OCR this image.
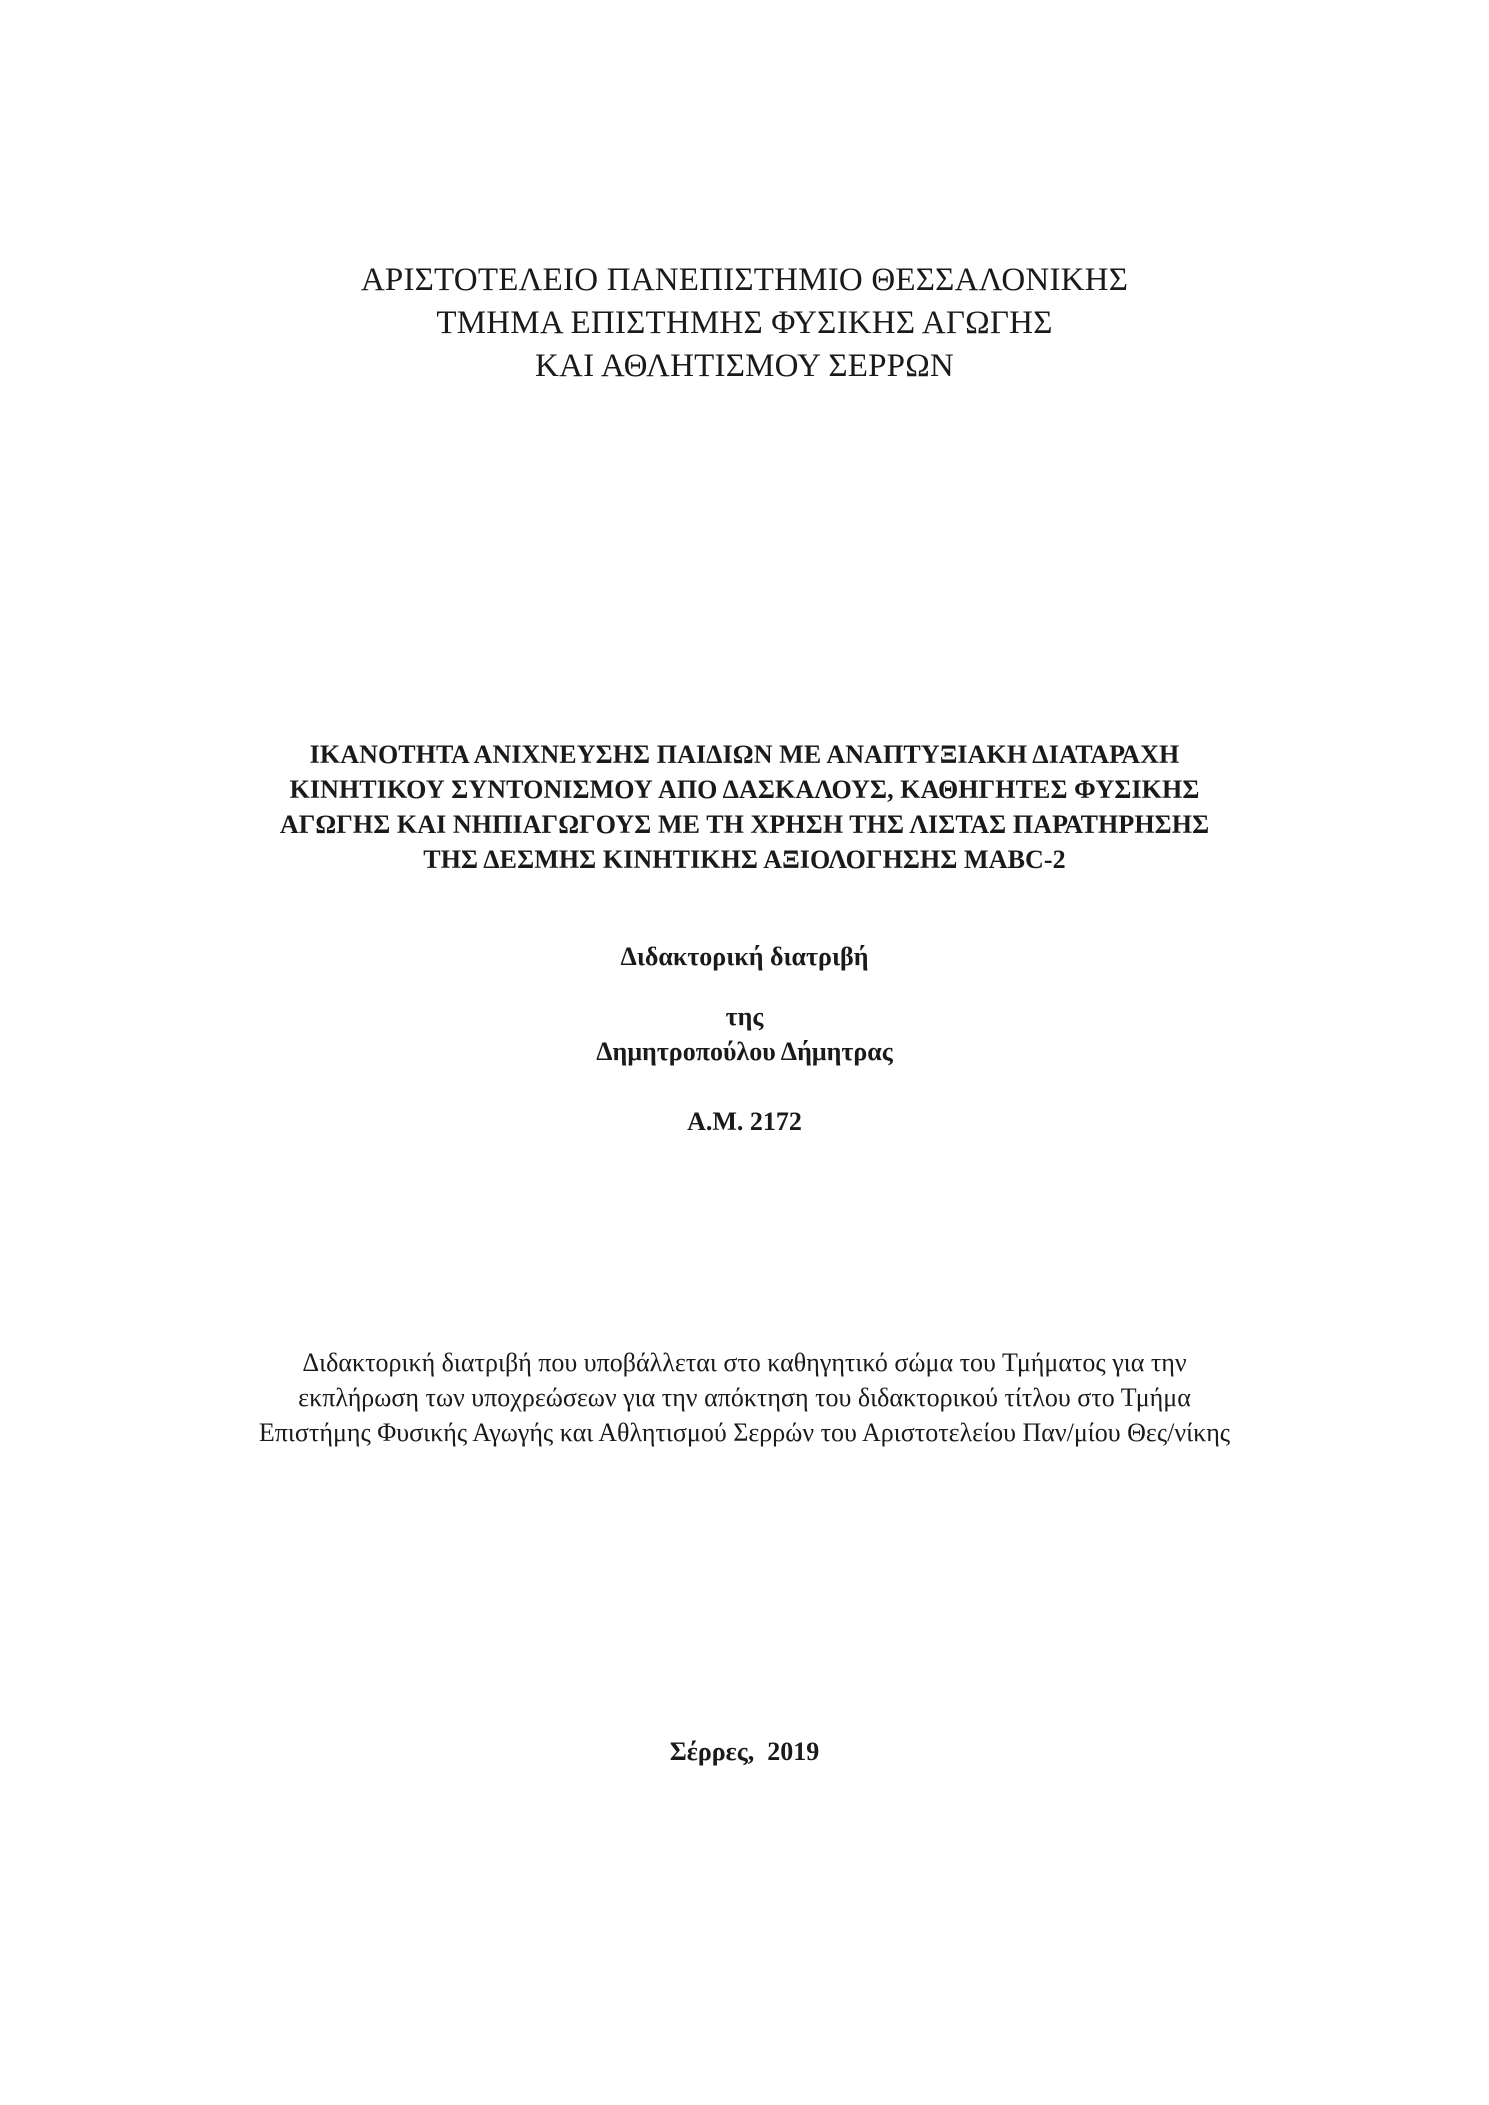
ΑΡΙΣΤΟΤΕΛΕΙΟ ΠΑΝΕΠΙΣΤΗΜΙΟ ΘΕΣΣΑΛΟΝΙΚΗΣ

ΤΜΗΜΑ ΕΠΙΣΤΗΜΗΣ ΦΥΣΙΚΗΣ ΑΓΩΓΗΣ

ΚΑΙ ΑΘΛΗΤΙΣΜΟΥ ΣΕΡΡΩΝ

ΙΚΑΝΟΤΗΤΑ ΑΝΙΧΝΕΥΣΗΣ ΠΑΙΔΙΩΝ ΜΕ ΑΝΑΠΤΥΞΙΑΚΗ ΔΙΑΤΑΡΑΧΗ

ΚΙΝΗΤΙΚΟΥ ΣΥΝΤΟΝΙΣΜΟΥ ΑΠΟ ΔΑΣΚΑΛΟΥΣ, ΚΑΘΗΓΗΤΕΣ ΦΥΣΙΚΗΣ

ΑΓΩΓΗΣ ΚΑΙ ΝΗΠΙΑΓΩΓΟΥΣ ΜΕ ΤΗ ΧΡΗΣΗ ΤΗΣ ΛΙΣΤΑΣ ΠΑΡΑΤΗΡΗΣΗΣ

ΤΗΣ ΔΕΣΜΗΣ ΚΙΝΗΤΙΚΗΣ ΑΞΙΟΛΟΓΗΣΗΣ MABC-2

Διδακτορική διατριβή

της

Δημητροπούλου Δήμητρας

Α.Μ. 2172

Διδακτορική διατριβή που υποβάλλεται στο καθηγητικό σώμα του Τμήματος για την

εκπλήρωση των υποχρεώσεων για την απόκτηση του διδακτορικού τίτλου στο Τμήμα

Επιστήμης Φυσικής Αγωγής και Αθλητισμού Σερρών του Αριστοτελείου Παν/μίου Θες/νίκης

Σέρρες,  2019
